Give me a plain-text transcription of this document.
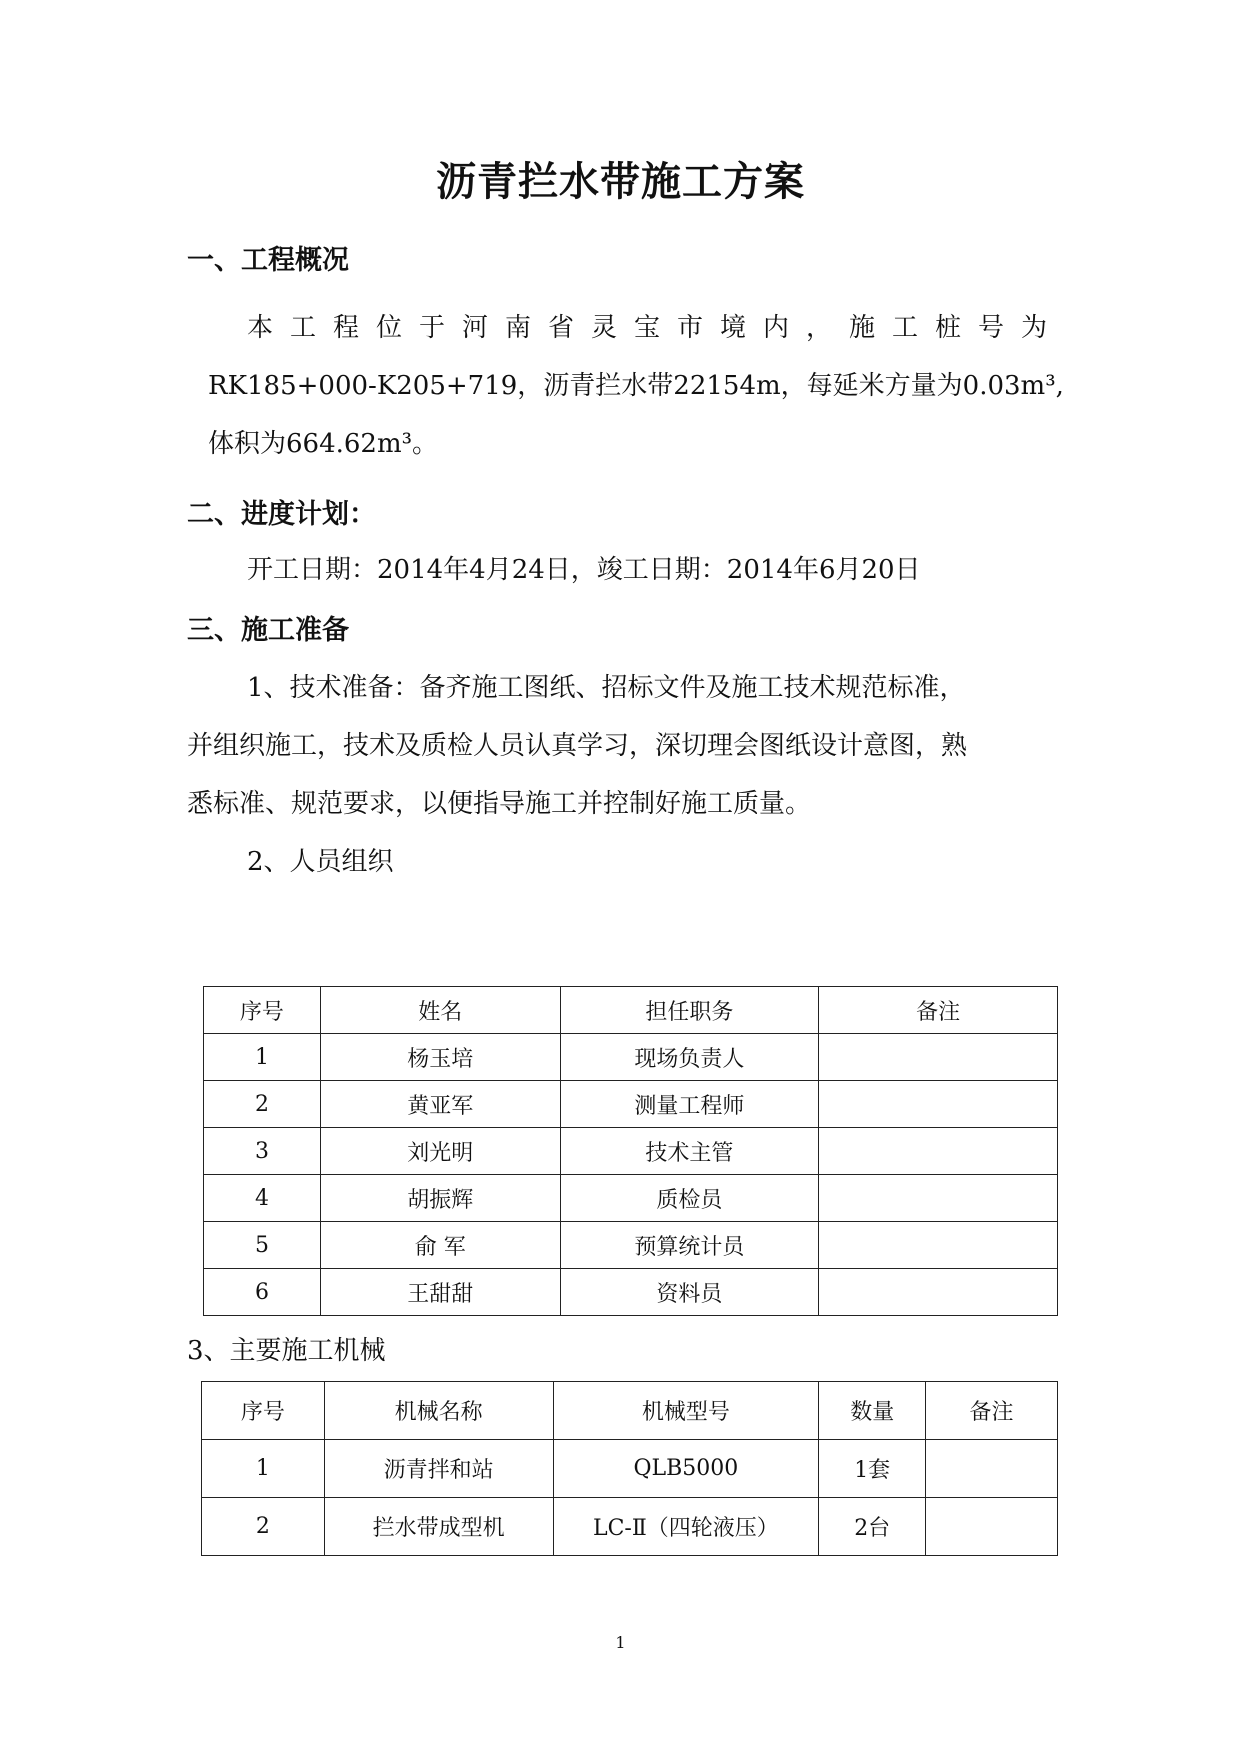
沥青拦水带施工方案
一、工程概况
本工程位于河南省灵宝市境内，施工桩号为
RK185+000-K205+719，沥青拦水带22154m，每延米方量为0.03m³,
体积为664.62m³。
二、进度计划：
开工日期：2014年4月24日，竣工日期：2014年6月20日
三、施工准备
1、技术准备：备齐施工图纸、招标文件及施工技术规范标准，
并组织施工，技术及质检人员认真学习，深切理会图纸设计意图，熟
悉标准、规范要求，以便指导施工并控制好施工质量。
2、人员组织
序号	姓名	担任职务	备注
1	杨玉培	现场负责人	
2	黄亚军	测量工程师	
3	刘光明	技术主管	
4	胡振辉	质检员	
5	俞 军	预算统计员	
6	王甜甜	资料员	
3、主要施工机械
序号	机械名称	机械型号	数量	备注
1	沥青拌和站	QLB5000	1套	
2	拦水带成型机	LC-Ⅱ（四轮液压）	2台	
1
